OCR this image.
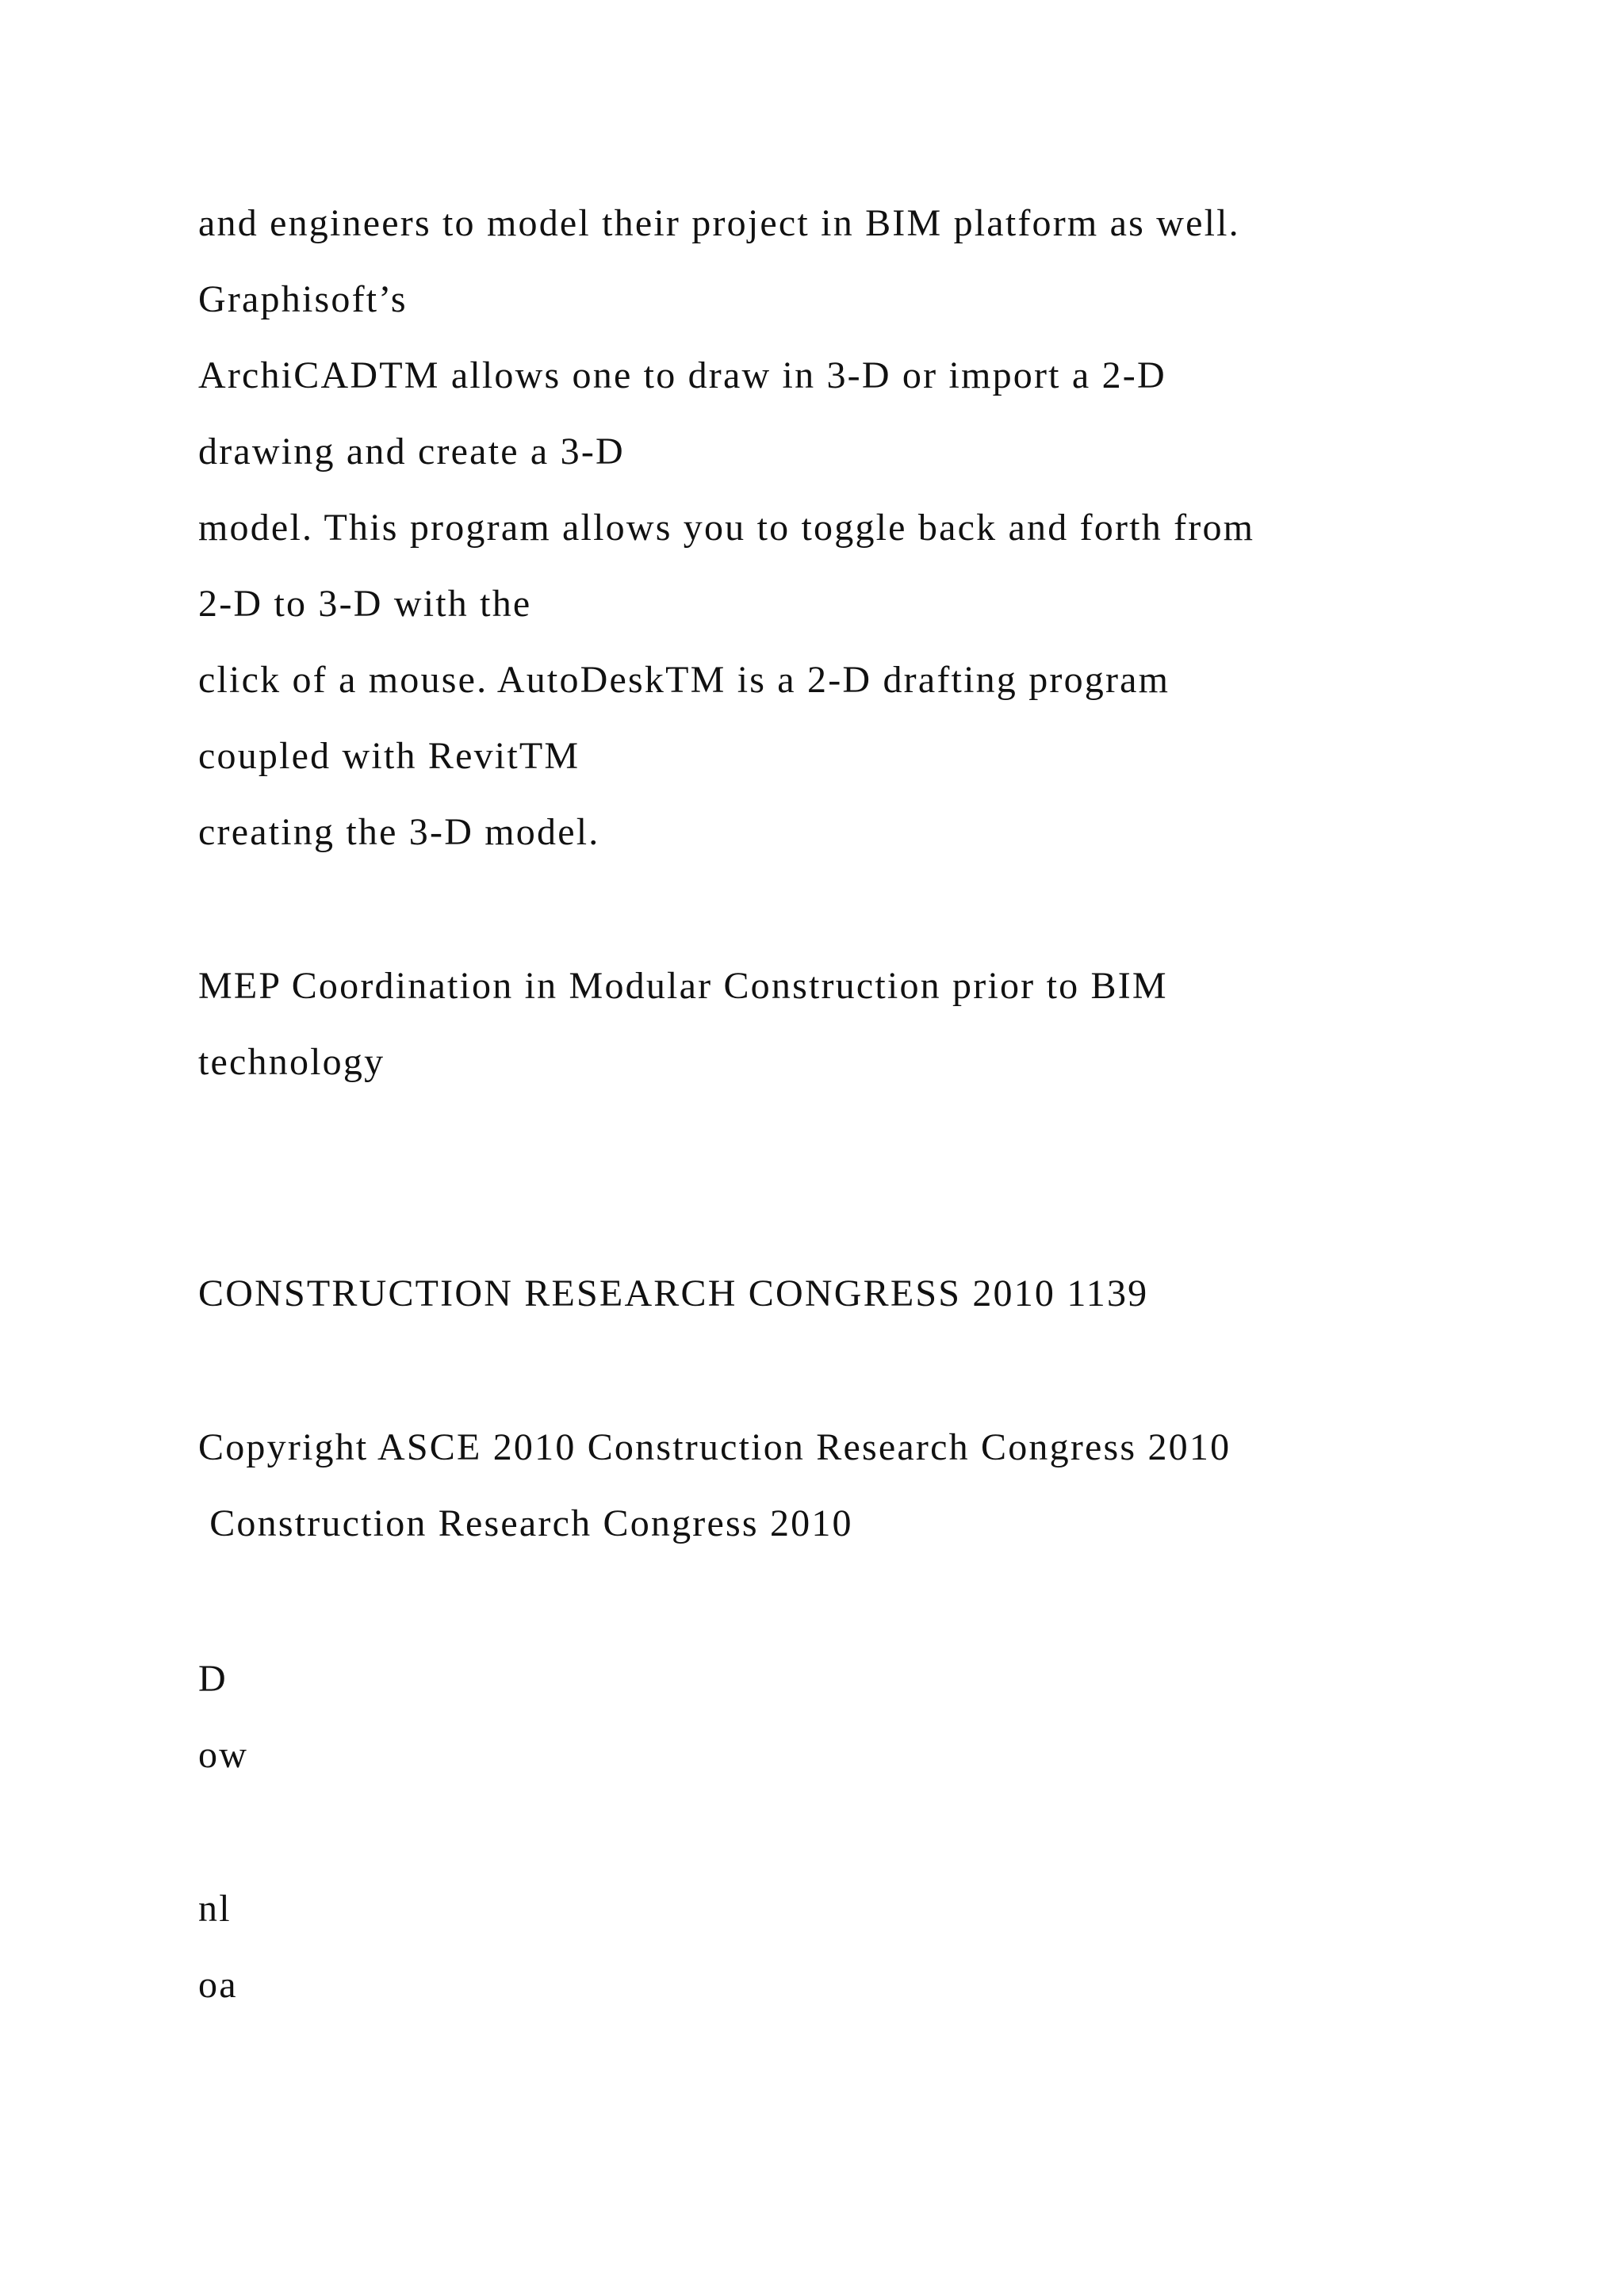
and engineers to model their project in BIM platform as well.

Graphisoft’s

ArchiCADTM allows one to draw in 3-D or import a 2-D

drawing and create a 3-D

model. This program allows you to toggle back and forth from

2-D to 3-D with the

click of a mouse. AutoDeskTM is a 2-D drafting program

coupled with RevitTM

creating the 3-D model.

MEP Coordination in Modular Construction prior to BIM

technology

CONSTRUCTION RESEARCH CONGRESS 2010 1139

Copyright ASCE 2010 Construction Research Congress 2010

Construction Research Congress 2010

D

ow

nl

oa
